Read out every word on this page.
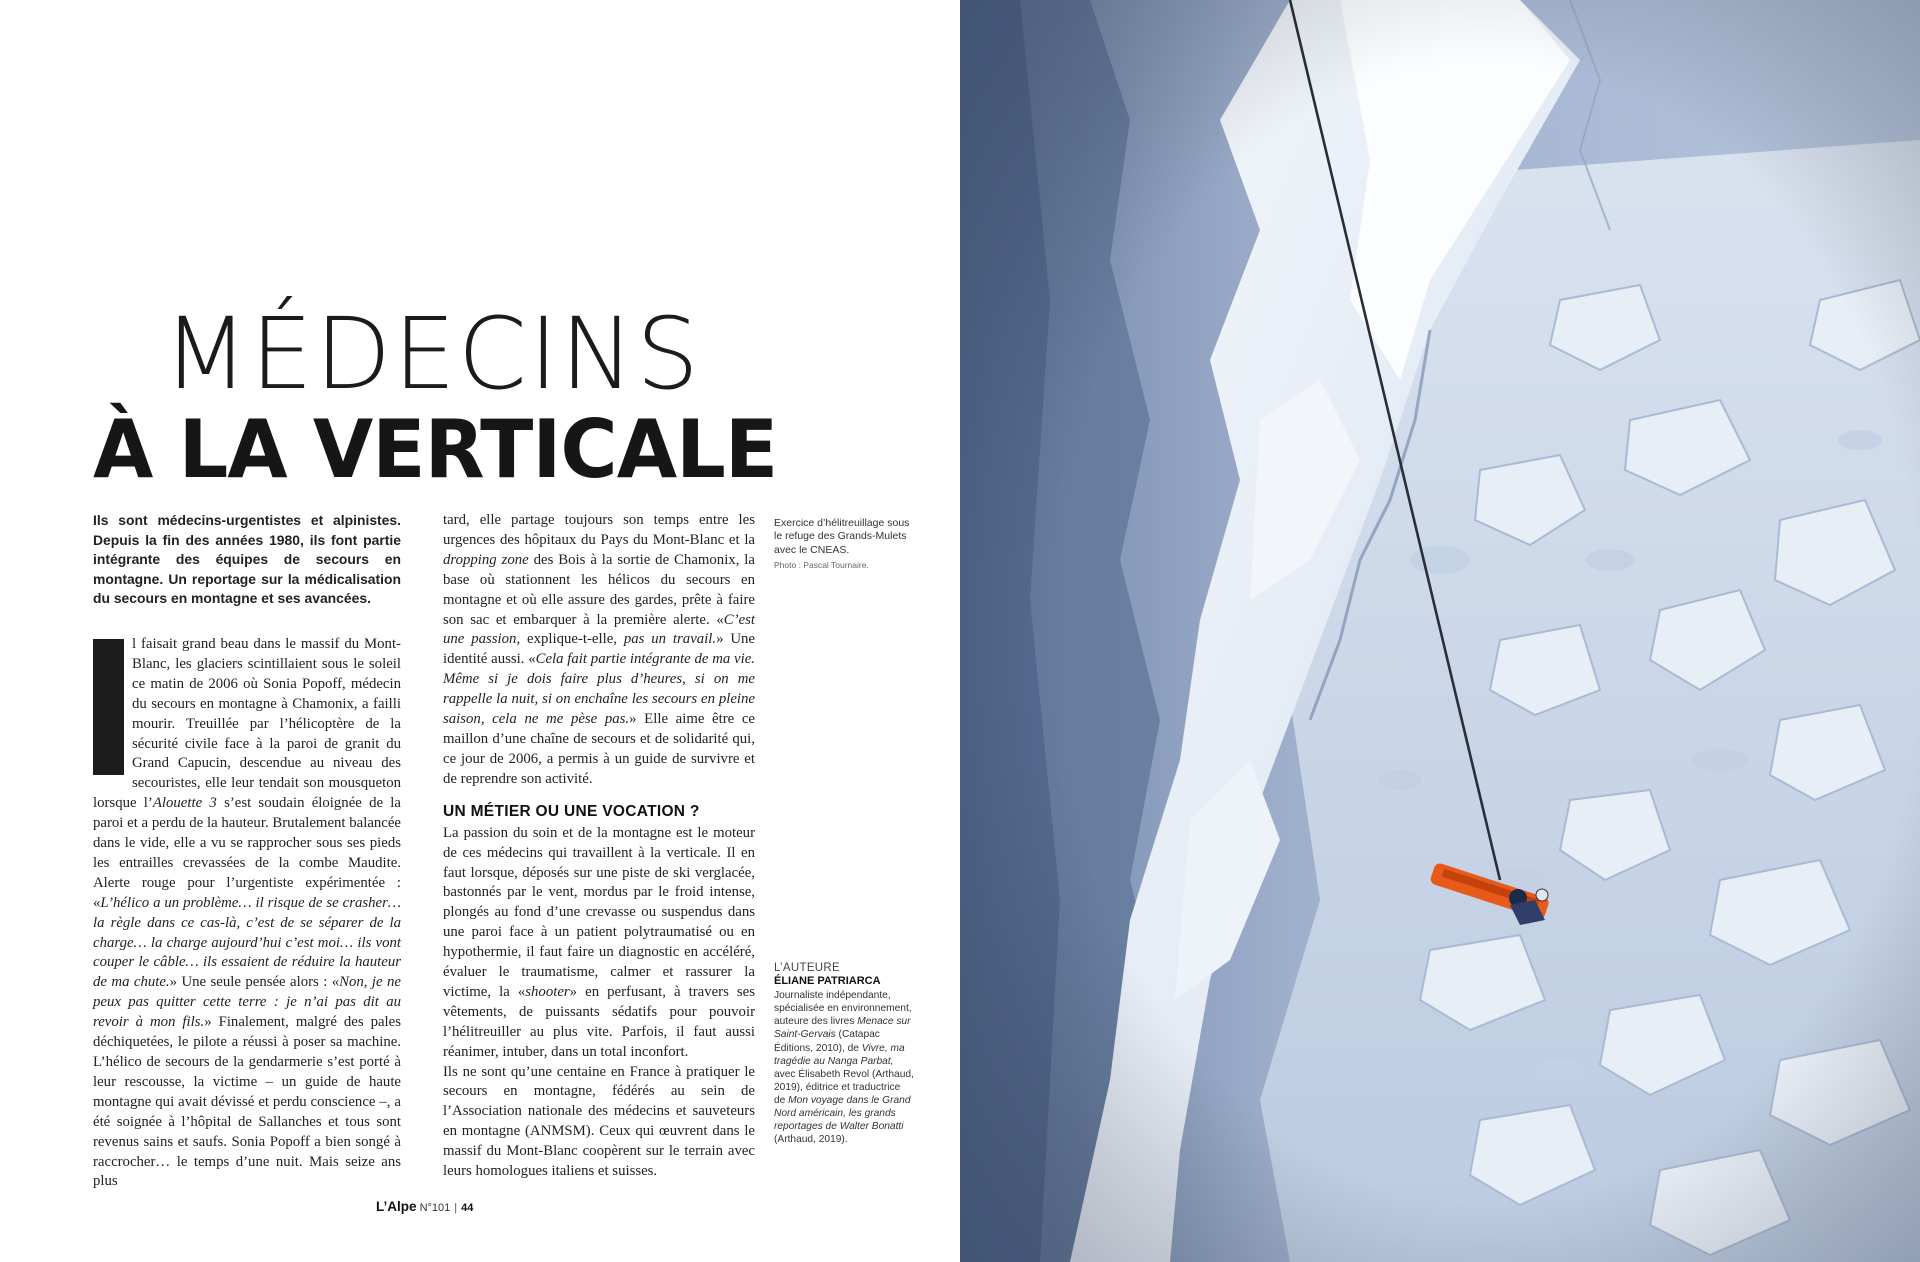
MÉDECINS
À LA VERTICALE

Ils sont médecins-urgentistes et alpinistes. Depuis la fin des années 1980, ils font partie intégrante des équipes de secours en montagne. Un reportage sur la médicalisation du secours en montagne et ses avancées.

l faisait grand beau dans le massif du Mont-Blanc, les glaciers scintillaient sous le soleil ce matin de 2006 où Sonia Popoff, médecin du secours en montagne à Chamonix, a failli mourir. Treuillée par l’hélicoptère de la sécurité civile face à la paroi de granit du Grand Capucin, descendue au niveau des secouristes, elle leur tendait son mousqueton lorsque l’Alouette 3 s’est soudain éloignée de la paroi et a perdu de la hauteur. Brutalement balancée dans le vide, elle a vu se rapprocher sous ses pieds les entrailles crevassées de la combe Maudite. Alerte rouge pour l’urgentiste expérimentée : «L’hélico a un problème… il risque de se crasher… la règle dans ce cas-là, c’est de se séparer de la charge… la charge aujourd’hui c’est moi… ils vont couper le câble… ils essaient de réduire la hauteur de ma chute.» Une seule pensée alors : «Non, je ne peux pas quitter cette terre : je n’ai pas dit au revoir à mon fils.» Finalement, malgré des pales déchiquetées, le pilote a réussi à poser sa machine. L’hélico de secours de la gendarmerie s’est porté à leur rescousse, la victime – un guide de haute montagne qui avait dévissé et perdu conscience –, a été soignée à l’hôpital de Sallanches et tous sont revenus sains et saufs. Sonia Popoff a bien songé à raccrocher… le temps d’une nuit. Mais seize ans plus

tard, elle partage toujours son temps entre les urgences des hôpitaux du Pays du Mont-Blanc et la dropping zone des Bois à la sortie de Chamonix, la base où stationnent les hélicos du secours en montagne et où elle assure des gardes, prête à faire son sac et embarquer à la première alerte. «C’est une passion, explique-t-elle, pas un travail.» Une identité aussi. «Cela fait partie intégrante de ma vie. Même si je dois faire plus d’heures, si on me rappelle la nuit, si on enchaîne les secours en pleine saison, cela ne me pèse pas.» Elle aime être ce maillon d’une chaîne de secours et de solidarité qui, ce jour de 2006, a permis à un guide de survivre et de reprendre son activité.

UN MÉTIER OU UNE VOCATION ?

La passion du soin et de la montagne est le moteur de ces médecins qui travaillent à la verticale. Il en faut lorsque, déposés sur une piste de ski verglacée, bastonnés par le vent, mordus par le froid intense, plongés au fond d’une crevasse ou suspendus dans une paroi face à un patient polytraumatisé ou en hypothermie, il faut faire un diagnostic en accéléré, évaluer le traumatisme, calmer et rassurer la victime, la «shooter» en perfusant, à travers ses vêtements, de puissants sédatifs pour pouvoir l’hélitreuiller au plus vite. Parfois, il faut aussi réanimer, intuber, dans un total inconfort.

Ils ne sont qu’une centaine en France à pratiquer le secours en montagne, fédérés au sein de l’Association nationale des médecins et sauveteurs en montagne (ANMSM). Ceux qui œuvrent dans le massif du Mont-Blanc coopèrent sur le terrain avec leurs homologues italiens et suisses.

Exercice d’hélitreuillage sous le refuge des Grands-Mulets avec le CNEAS.
Photo : Pascal Tournaire.
L’AUTEURE
ÉLIANE PATRIARCA
Journaliste indépendante, spécialisée en environnement, auteure des livres Menace sur Saint-Gervais (Catapac Éditions, 2010), de Vivre, ma tragédie au Nanga Parbat, avec Élisabeth Revol (Arthaud, 2019), éditrice et traductrice de Mon voyage dans le Grand Nord américain, les grands reportages de Walter Bonatti (Arthaud, 2019).
L’Alpe N°101 | 44
